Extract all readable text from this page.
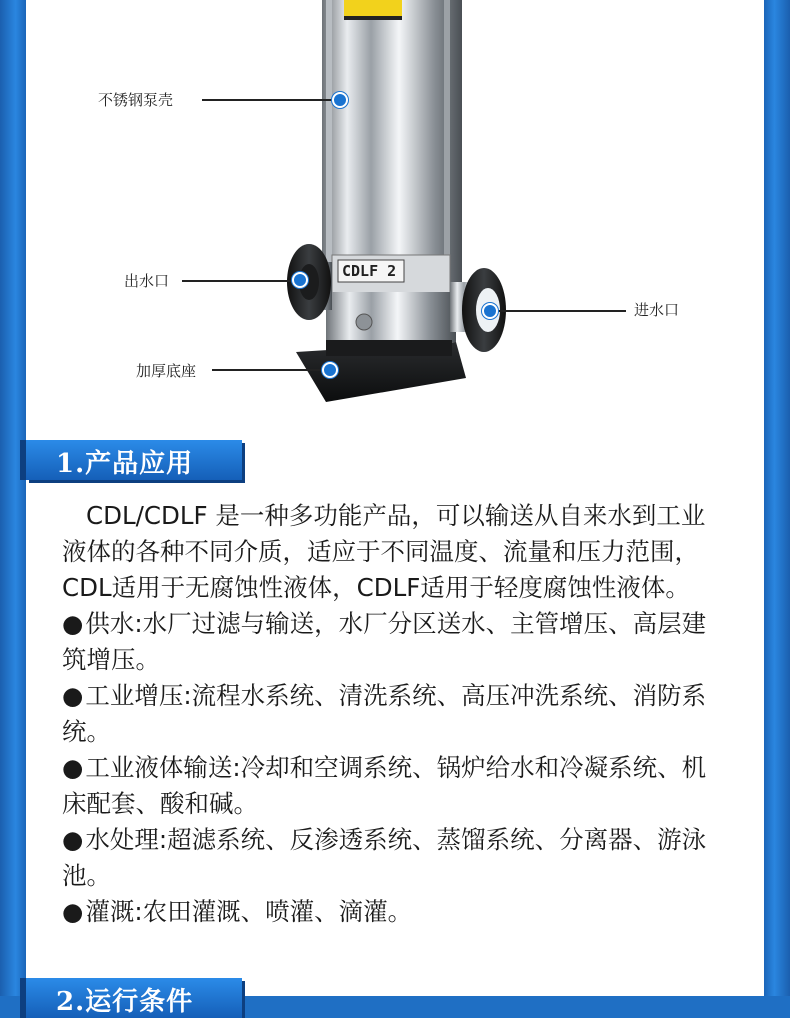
CDLF 2
不锈钢泵壳
出水口
进水口
加厚底座
1.产品应用

CDL/CDLF 是一种多功能产品，可以输送从自来水到工业液体的各种不同介质，适应于不同温度、流量和压力范围，CDL适用于无腐蚀性液体，CDLF适用于轻度腐蚀性液体。

●供水:水厂过滤与输送，水厂分区送水、主管增压、高层建筑增压。

●工业增压:流程水系统、清洗系统、高压冲洗系统、消防系统。

●工业液体输送:冷却和空调系统、锅炉给水和冷凝系统、机床配套、酸和碱。

●水处理:超滤系统、反渗透系统、蒸馏系统、分离器、游泳池。

●灌溉:农田灌溉、喷灌、滴灌。

2.运行条件
